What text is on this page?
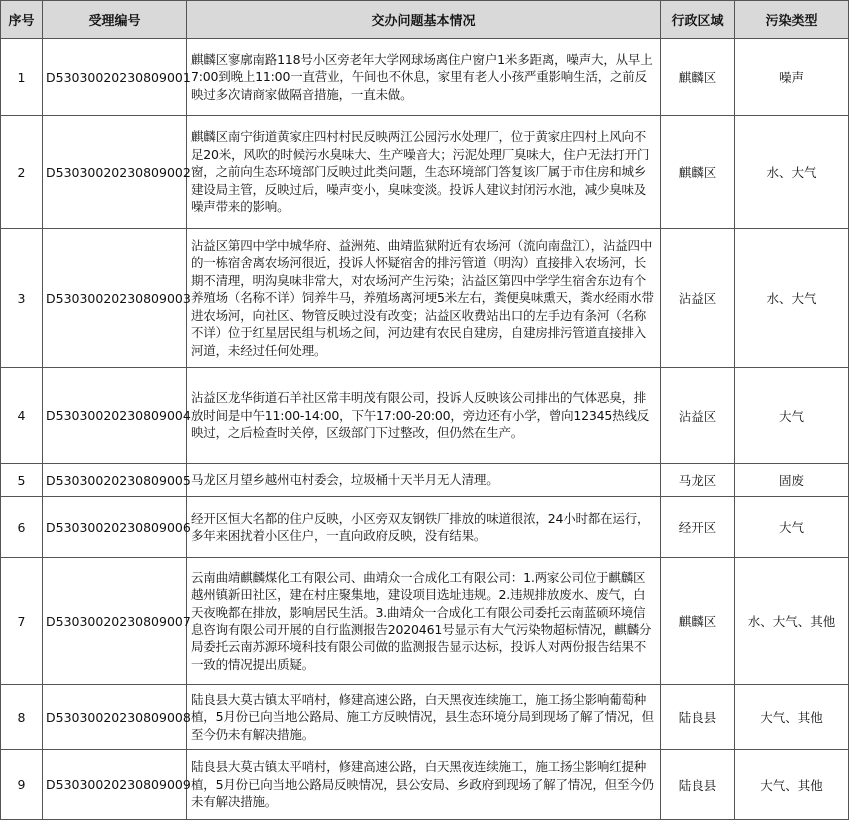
序号	受理编号	交办问题基本情况	行政区域	污染类型
1	D53030020230809001	麒麟区寥廓南路118号小区旁老年大学网球场离住户窗户1米多距离，噪声大，从早上7:00到晚上11:00一直营业，午间也不休息，家里有老人小孩严重影响生活，之前反映过多次请商家做隔音措施，一直未做。	麒麟区	噪声
2	D53030020230809002	麒麟区南宁街道黄家庄四村村民反映两江公园污水处理厂，位于黄家庄四村上风向不足20米，风吹的时候污水臭味大、生产噪音大；污泥处理厂臭味大，住户无法打开门窗，之前向生态环境部门反映过此类问题，生态环境部门答复该厂属于市住房和城乡建设局主管，反映过后，噪声变小，臭味变淡。投诉人建议封闭污水池，减少臭味及噪声带来的影响。	麒麟区	水、大气
3	D53030020230809003	沾益区第四中学中城华府、益洲苑、曲靖监狱附近有农场河（流向南盘江），沾益四中的一栋宿舍离农场河很近，投诉人怀疑宿舍的排污管道（明沟）直接排入农场河，长期不清理，明沟臭味非常大，对农场河产生污染；沾益区第四中学学生宿舍东边有个养殖场（名称不详）饲养牛马，养殖场离河埂5米左右，粪便臭味熏天，粪水经雨水带进农场河，向社区、物管反映过没有改变；沾益区收费站出口的左手边有条河（名称不详）位于红星居民组与机场之间，河边建有农民自建房，自建房排污管道直接排入河道，未经过任何处理。	沾益区	水、大气
4	D53030020230809004	沾益区龙华街道石羊社区常丰明茂有限公司，投诉人反映该公司排出的气体恶臭，排放时间是中午11:00-14:00，下午17:00-20:00，旁边还有小学，曾向12345热线反映过，之后检查时关停，区级部门下过整改，但仍然在生产。	沾益区	大气
5	D53030020230809005	马龙区月望乡越州屯村委会，垃圾桶十天半月无人清理。	马龙区	固废
6	D53030020230809006	经开区恒大名都的住户反映，小区旁双友钢铁厂排放的味道很浓，24小时都在运行，多年来困扰着小区住户，一直向政府反映，没有结果。	经开区	大气
7	D53030020230809007	云南曲靖麒麟煤化工有限公司、曲靖众一合成化工有限公司：1.两家公司位于麒麟区越州镇新田社区，建在村庄聚集地，建设项目选址违规。2.违规排放废水、废气，白天夜晚都在排放，影响居民生活。3.曲靖众一合成化工有限公司委托云南蓝硕环境信息咨询有限公司开展的自行监测报告2020461号显示有大气污染物超标情况，麒麟分局委托云南苏源环境科技有限公司做的监测报告显示达标，投诉人对两份报告结果不一致的情况提出质疑。	麒麟区	水、大气、其他
8	D53030020230809008	陆良县大莫古镇太平哨村，修建高速公路，白天黑夜连续施工，施工扬尘影响葡萄种植，5月份已向当地公路局、施工方反映情况，县生态环境分局到现场了解了情况，但至今仍未有解决措施。	陆良县	大气、其他
9	D53030020230809009	陆良县大莫古镇太平哨村，修建高速公路，白天黑夜连续施工，施工扬尘影响红提种植，5月份已向当地公路局反映情况，县公安局、乡政府到现场了解了情况，但至今仍未有解决措施。	陆良县	大气、其他
